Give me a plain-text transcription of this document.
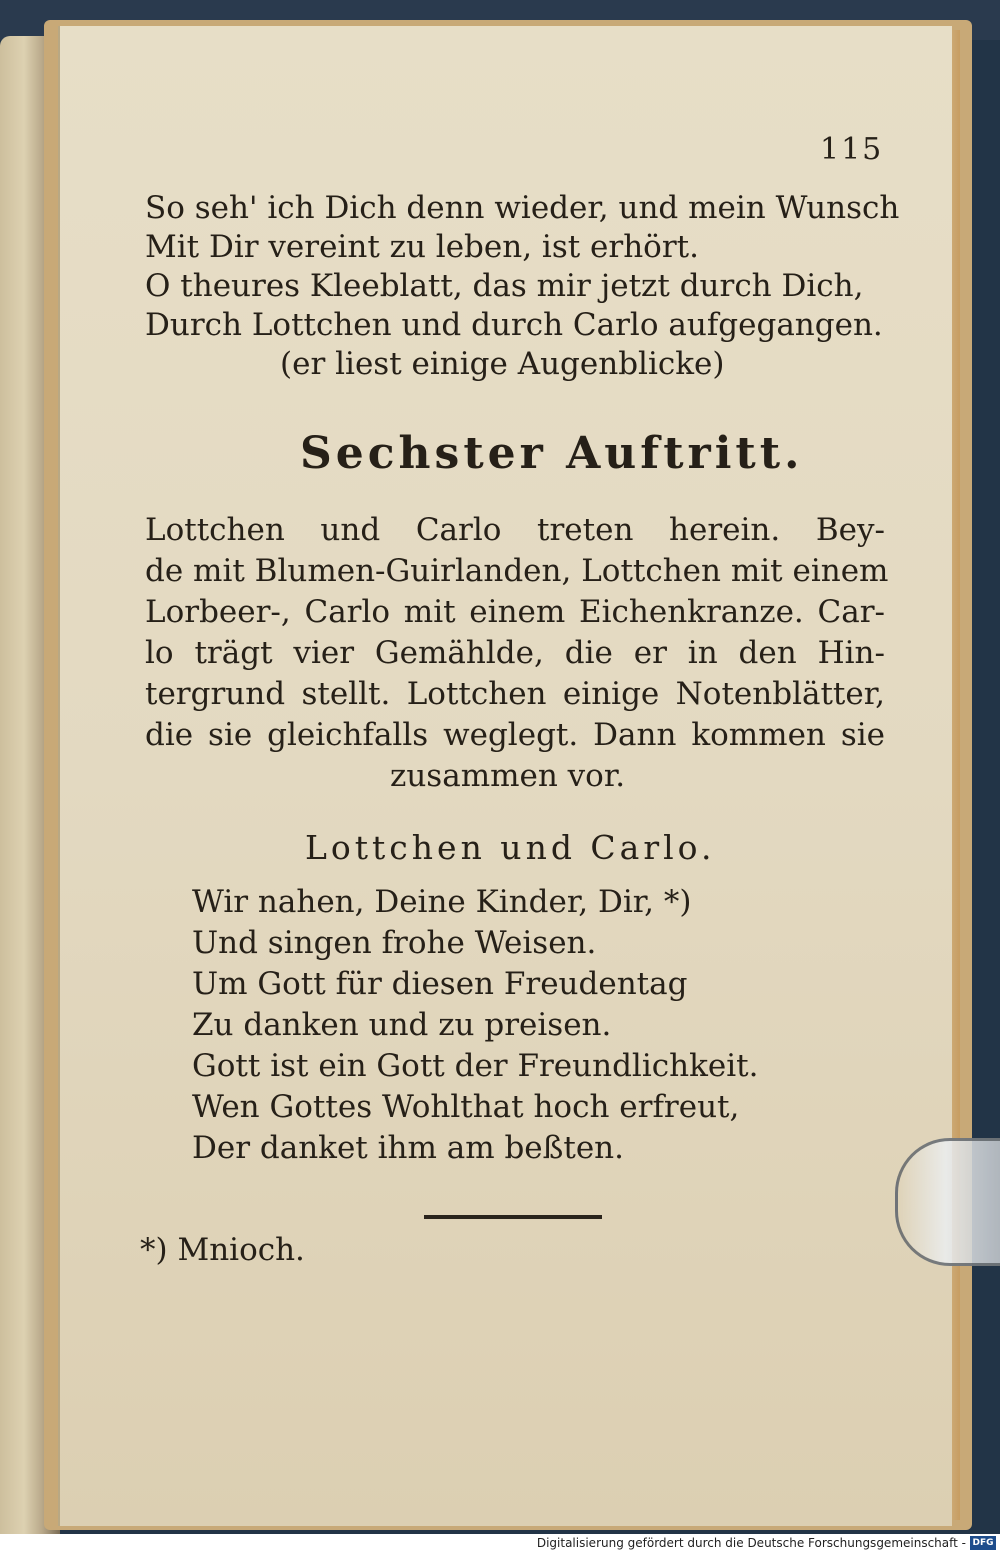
115
So seh' ich Dich denn wieder, und mein Wunsch
Mit Dir vereint zu leben, ist erhört.
O theures Kleeblatt, das mir jetzt durch Dich,
Durch Lottchen und durch Carlo aufgegangen.
(er liest einige Augenblicke)
Sechster Auftritt.
Lottchen und Carlo treten herein. Bey-
de mit Blumen-Guirlanden, Lottchen mit einem
Lorbeer-, Carlo mit einem Eichenkranze. Car-
lo trägt vier Gemählde, die er in den Hin-
tergrund stellt. Lottchen einige Notenblätter,
die sie gleichfalls weglegt. Dann kommen sie
zusammen vor.
Lottchen und Carlo.
Wir nahen, Deine Kinder, Dir, *)
Und singen frohe Weisen.
Um Gott für diesen Freudentag
Zu danken und zu preisen.
Gott ist ein Gott der Freundlichkeit.
Wen Gottes Wohlthat hoch erfreut,
Der danket ihm am beßten.
*) Mnioch.
Digitalisierung gefördert durch die Deutsche Forschungsgemeinschaft - DFG
